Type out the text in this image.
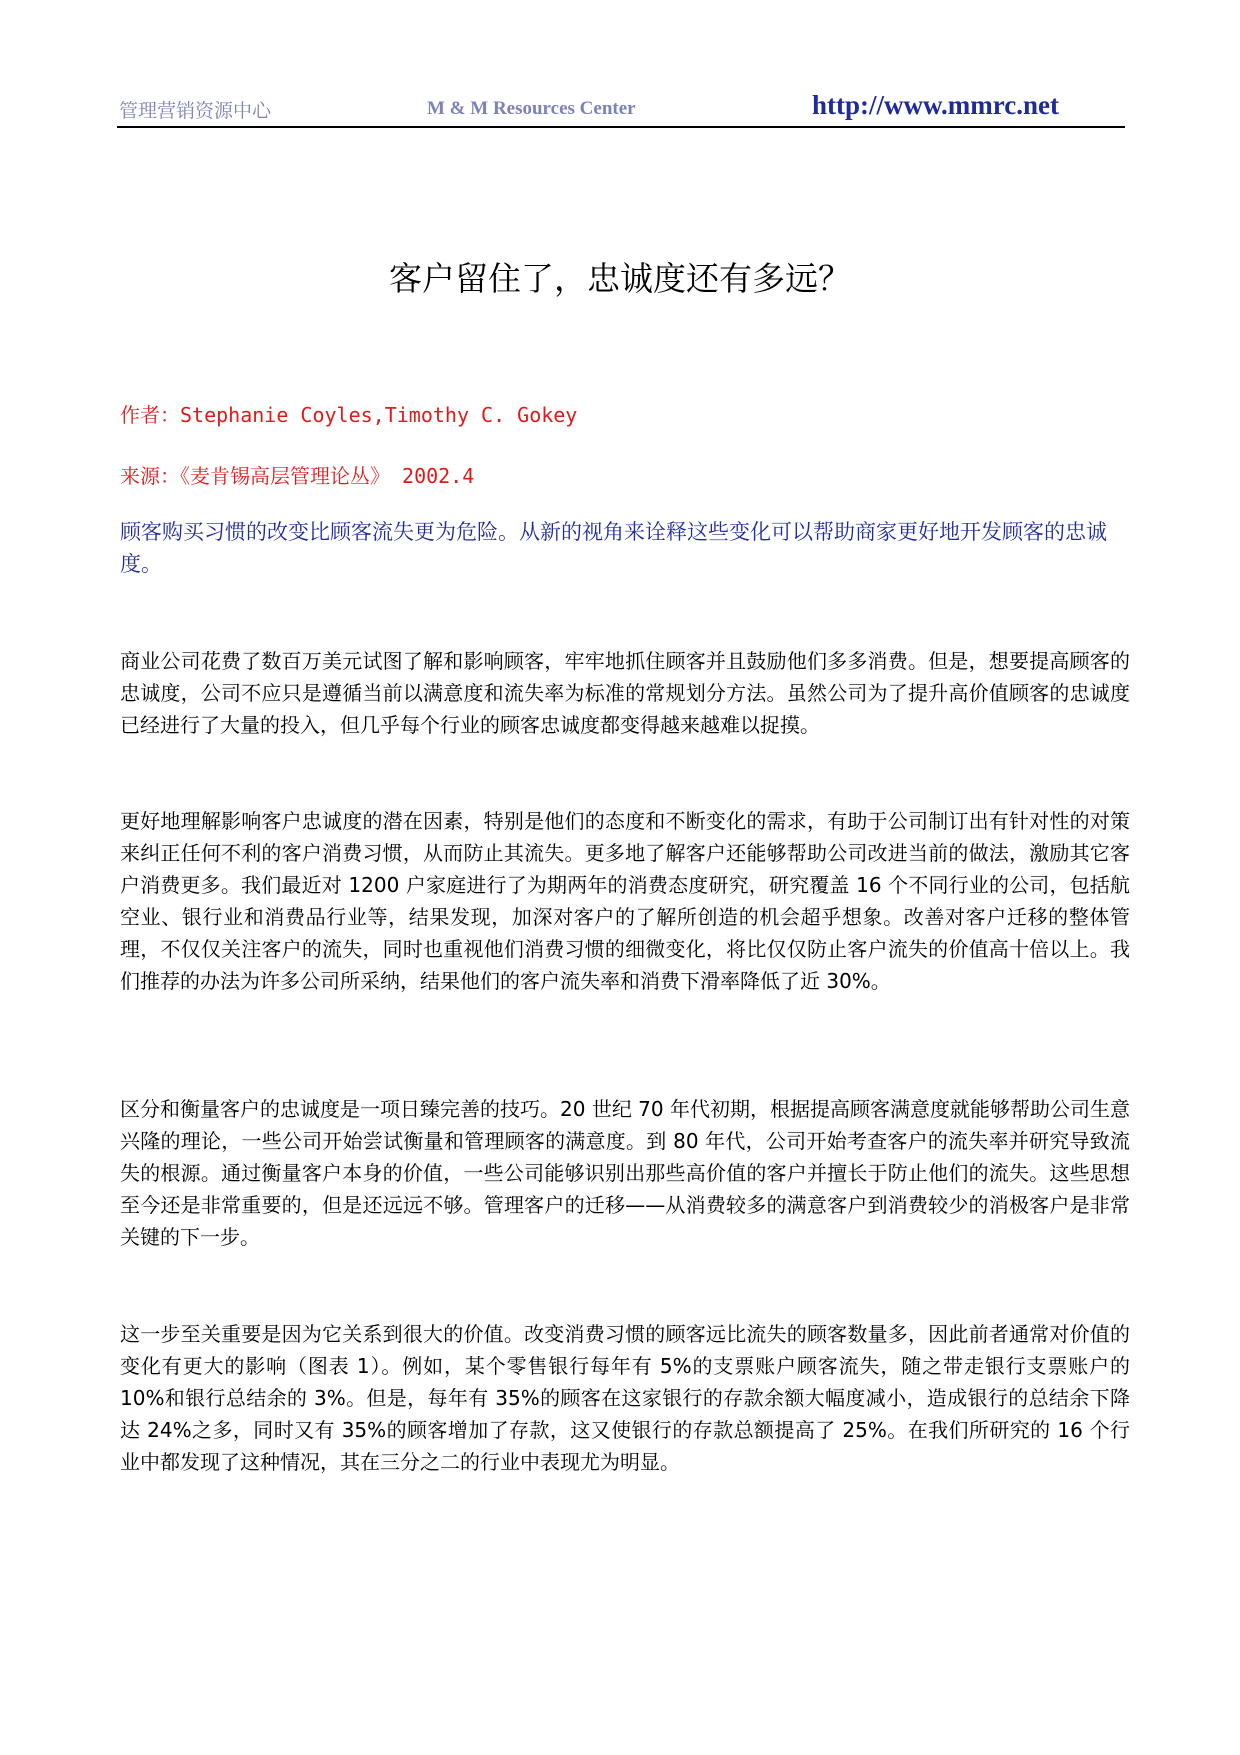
管理营销资源中心	M & M Resources Center	http://www.mmrc.net
客户留住了，忠诚度还有多远？
作者：Stephanie Coyles,Timothy C. Gokey
来源：《麦肯锡高层管理论丛》 2002.4
顾客购买习惯的改变比顾客流失更为危险。从新的视角来诠释这些变化可以帮助商家更好地开发顾客的忠诚度。
商业公司花费了数百万美元试图了解和影响顾客，牢牢地抓住顾客并且鼓励他们多多消费。但是，想要提高顾客的忠诚度，公司不应只是遵循当前以满意度和流失率为标准的常规划分方法。虽然公司为了提升高价值顾客的忠诚度已经进行了大量的投入，但几乎每个行业的顾客忠诚度都变得越来越难以捉摸。
更好地理解影响客户忠诚度的潜在因素，特别是他们的态度和不断变化的需求，有助于公司制订出有针对性的对策来纠正任何不利的客户消费习惯，从而防止其流失。更多地了解客户还能够帮助公司改进当前的做法，激励其它客户消费更多。我们最近对 1200 户家庭进行了为期两年的消费态度研究，研究覆盖 16 个不同行业的公司，包括航空业、银行业和消费品行业等，结果发现，加深对客户的了解所创造的机会超乎想象。改善对客户迁移的整体管理，不仅仅关注客户的流失，同时也重视他们消费习惯的细微变化，将比仅仅防止客户流失的价值高十倍以上。我们推荐的办法为许多公司所采纳，结果他们的客户流失率和消费下滑率降低了近 30%。
区分和衡量客户的忠诚度是一项日臻完善的技巧。20 世纪 70 年代初期，根据提高顾客满意度就能够帮助公司生意兴隆的理论，一些公司开始尝试衡量和管理顾客的满意度。到 80 年代，公司开始考查客户的流失率并研究导致流失的根源。通过衡量客户本身的价值，一些公司能够识别出那些高价值的客户并擅长于防止他们的流失。这些思想至今还是非常重要的，但是还远远不够。管理客户的迁移——从消费较多的满意客户到消费较少的消极客户是非常关键的下一步。
这一步至关重要是因为它关系到很大的价值。改变消费习惯的顾客远比流失的顾客数量多，因此前者通常对价值的变化有更大的影响（图表 1）。例如，某个零售银行每年有 5%的支票账户顾客流失，随之带走银行支票账户的 10%和银行总结余的 3%。但是，每年有 35%的顾客在这家银行的存款余额大幅度减小，造成银行的总结余下降达 24%之多，同时又有 35%的顾客增加了存款，这又使银行的存款总额提高了 25%。在我们所研究的 16 个行业中都发现了这种情况，其在三分之二的行业中表现尤为明显。
